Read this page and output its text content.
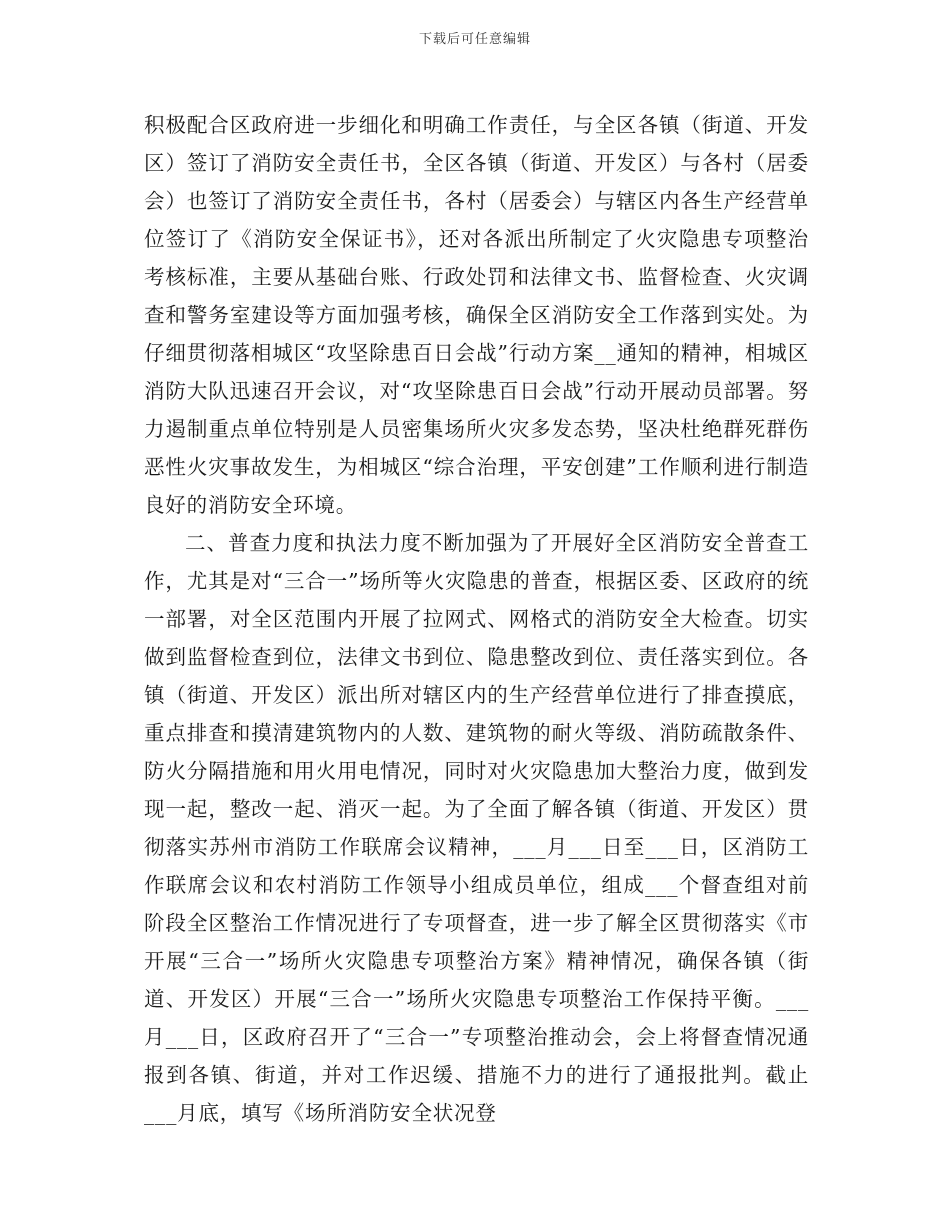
下载后可任意编辑

积极配合区政府进一步细化和明确工作责任，与全区各镇（街道、开发区）签订了消防安全责任书，全区各镇（街道、开发区）与各村（居委会）也签订了消防安全责任书，各村（居委会）与辖区内各生产经营单位签订了《消防安全保证书》，还对各派出所制定了火灾隐患专项整治考核标准，主要从基础台账、行政处罚和法律文书、监督检查、火灾调查和警务室建设等方面加强考核，确保全区消防安全工作落到实处。为仔细贯彻落相城区“攻坚除患百日会战”行动方案__通知的精神，相城区消防大队迅速召开会议，对“攻坚除患百日会战”行动开展动员部署。努力遏制重点单位特别是人员密集场所火灾多发态势，坚决杜绝群死群伤恶性火灾事故发生，为相城区“综合治理，平安创建”工作顺利进行制造良好的消防安全环境。

二、普查力度和执法力度不断加强为了开展好全区消防安全普查工作，尤其是对“三合一”场所等火灾隐患的普查，根据区委、区政府的统一部署，对全区范围内开展了拉网式、网格式的消防安全大检查。切实做到监督检查到位，法律文书到位、隐患整改到位、责任落实到位。各镇（街道、开发区）派出所对辖区内的生产经营单位进行了排查摸底，重点排查和摸清建筑物内的人数、建筑物的耐火等级、消防疏散条件、防火分隔措施和用火用电情况，同时对火灾隐患加大整治力度，做到发现一起，整改一起、消灭一起。为了全面了解各镇（街道、开发区）贯彻落实苏州市消防工作联席会议精神，___月___日至___日，区消防工作联席会议和农村消防工作领导小组成员单位，组成___个督查组对前阶段全区整治工作情况进行了专项督查，进一步了解全区贯彻落实《市开展“三合一”场所火灾隐患专项整治方案》精神情况，确保各镇（街道、开发区）开展“三合一”场所火灾隐患专项整治工作保持平衡。___月___日，区政府召开了“三合一”专项整治推动会，会上将督查情况通报到各镇、街道，并对工作迟缓、措施不力的进行了通报批判。截止___月底，填写《场所消防安全状况登
